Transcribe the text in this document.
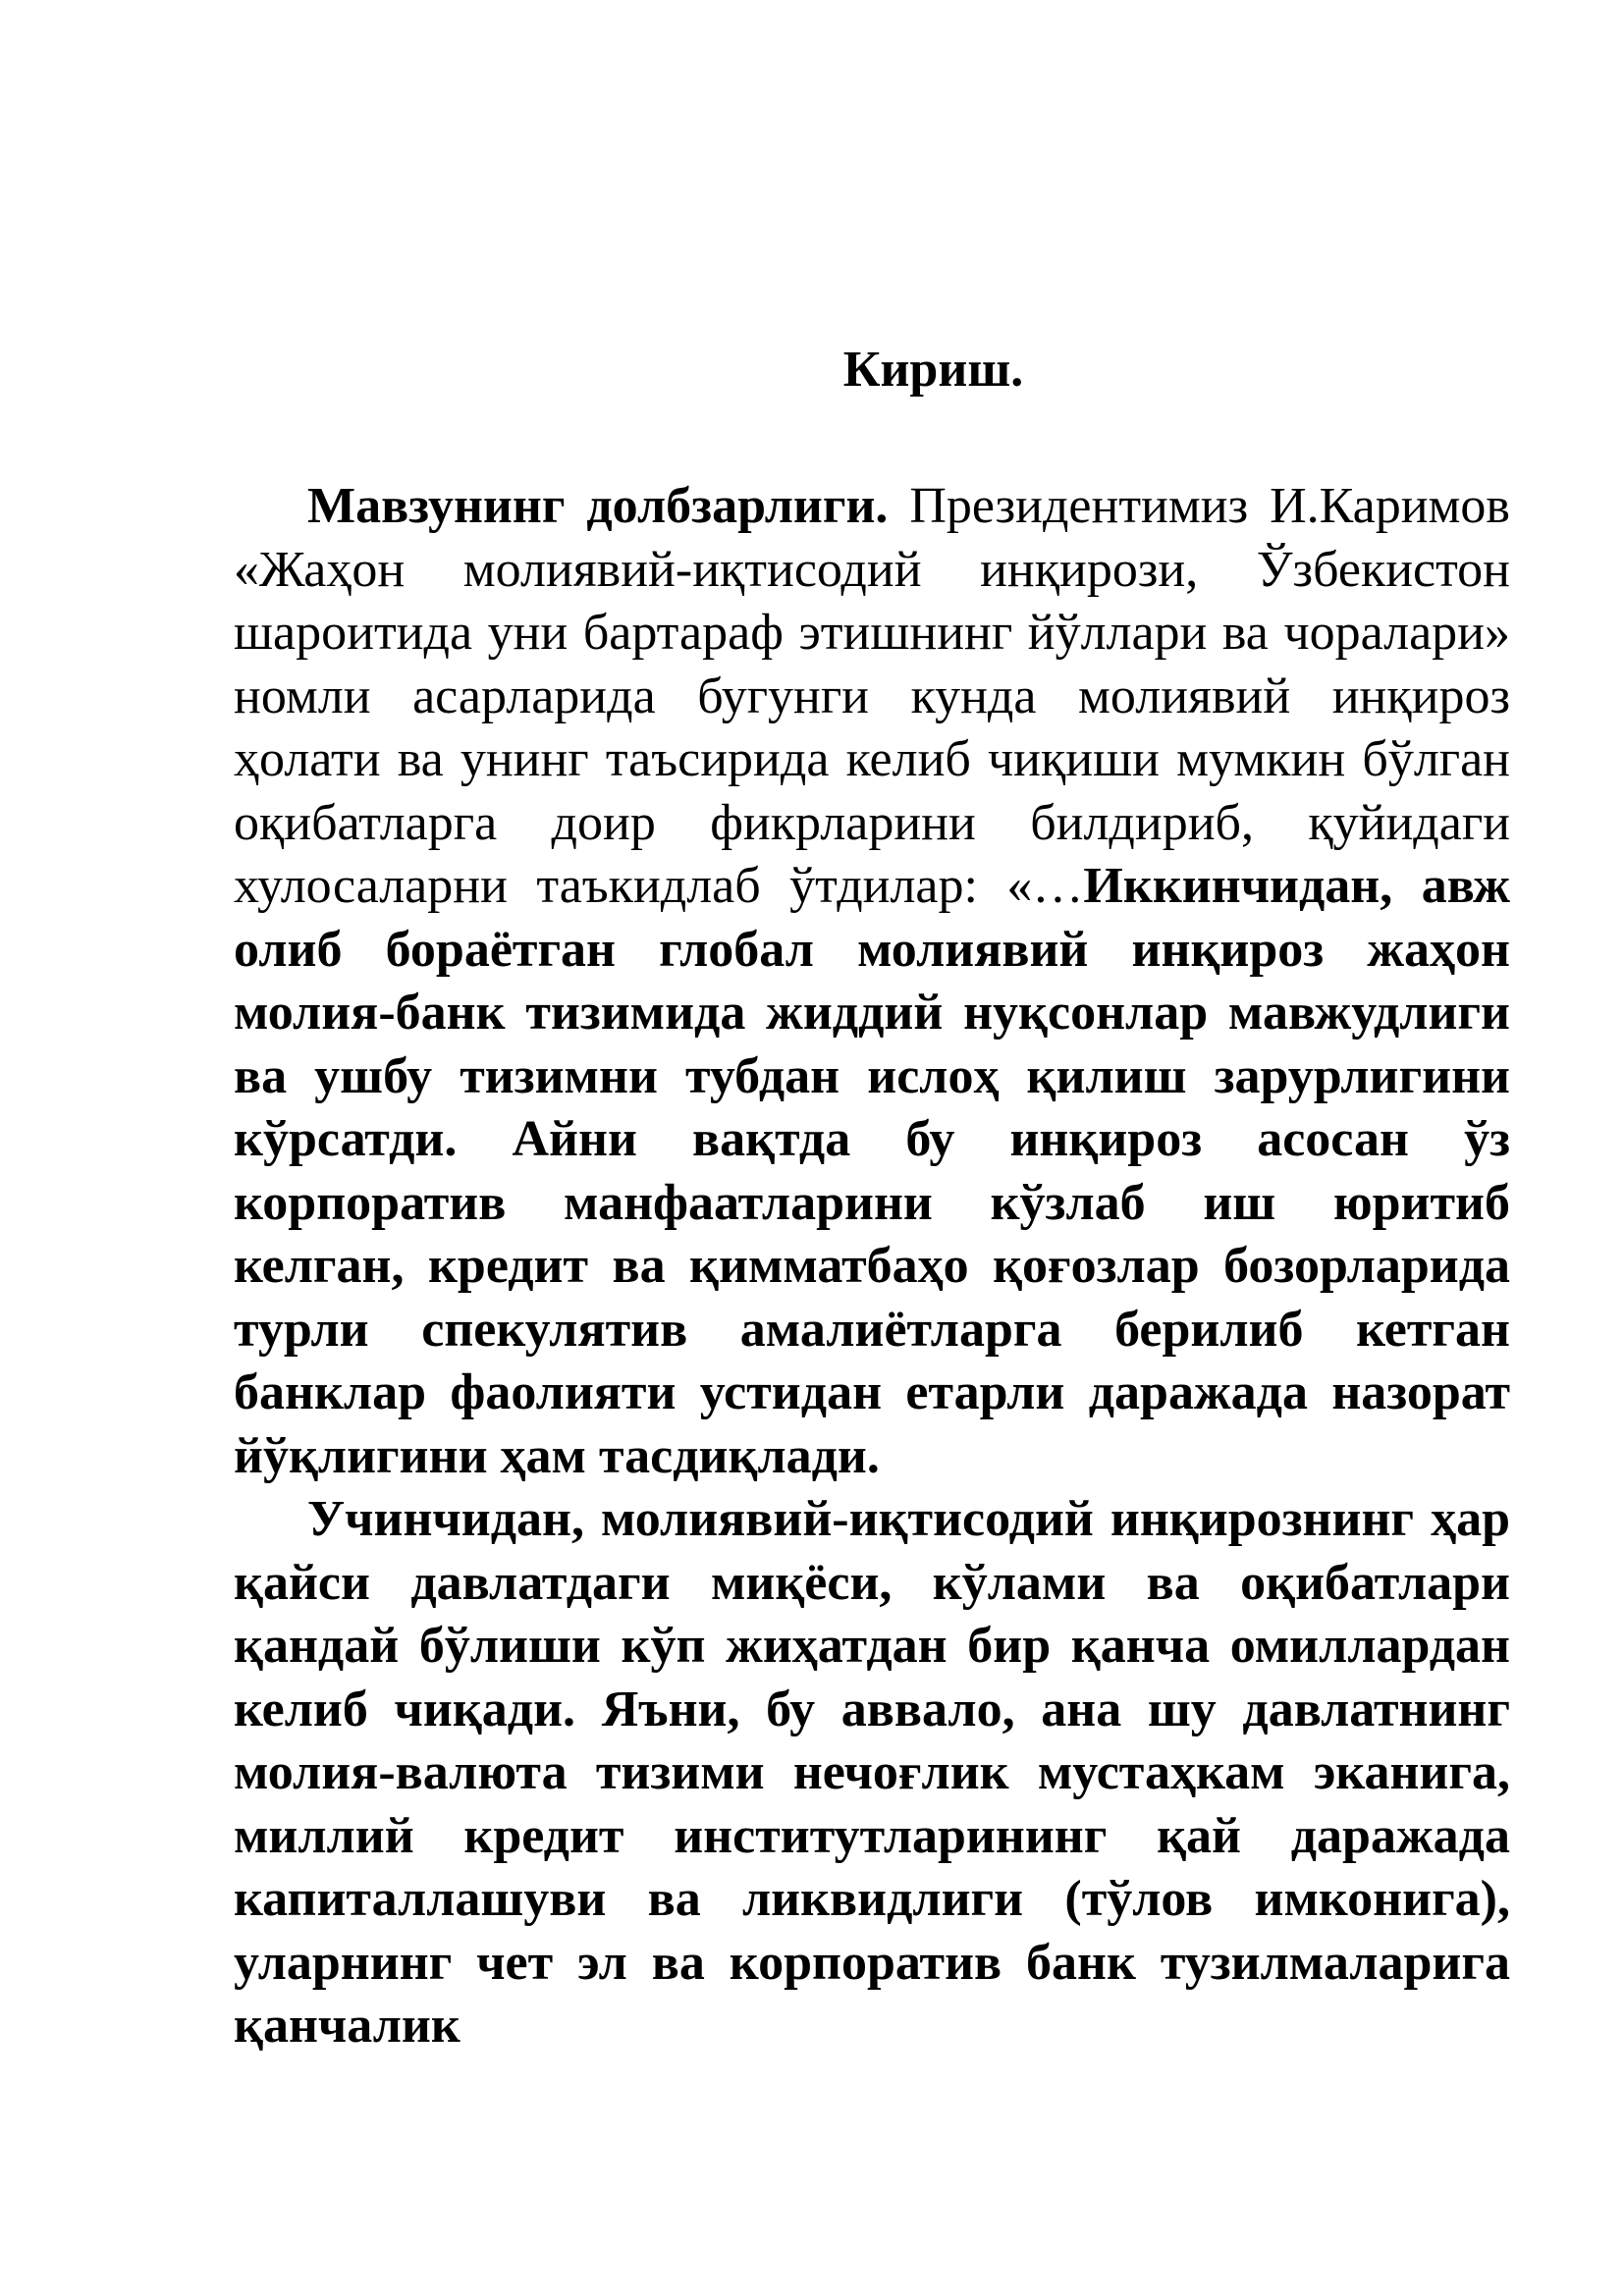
Кириш.

Мавзунинг долбзарлиги. Президентимиз И.Каримов «Жаҳон молиявий-иқтисодий инқирози, Ўзбекистон шароитида уни бартараф этишнинг йўллари ва чоралари» номли асарларида бугунги кунда молиявий инқироз ҳолати ва унинг таъсирида келиб чиқиши мумкин бўлган оқибатларга доир фикрларини билдириб, қуйидаги хулосаларни таъкидлаб ўтдилар: «…Иккинчидан, авж олиб бораётган глобал молиявий инқироз жаҳон молия-банк тизимида жиддий нуқсонлар мавжудлиги ва ушбу тизимни тубдан ислоҳ қилиш зарурлигини кўрсатди. Айни вақтда бу инқироз асосан ўз корпоратив манфаатларини кўзлаб иш юритиб келган, кредит ва қимматбаҳо қоғозлар бозорларида турли спекулятив амалиётларга берилиб кетган банклар фаолияти устидан етарли даражада назорат йўқлигини ҳам тасдиқлади.

Учинчидан, молиявий-иқтисодий инқирознинг ҳар қайси давлатдаги миқёси, кўлами ва оқибатлари қандай бўлиши кўп жиҳатдан бир қанча омиллардан келиб чиқади. Яъни, бу аввало, ана шу давлатнинг молия-валюта тизими нечоғлик мустаҳкам эканига, миллий кредит институтларининг қай даражада капиталлашуви ва ликвидлиги (тўлов имконига), уларнинг чет эл ва корпоратив банк тузилмаларига қанчалик
